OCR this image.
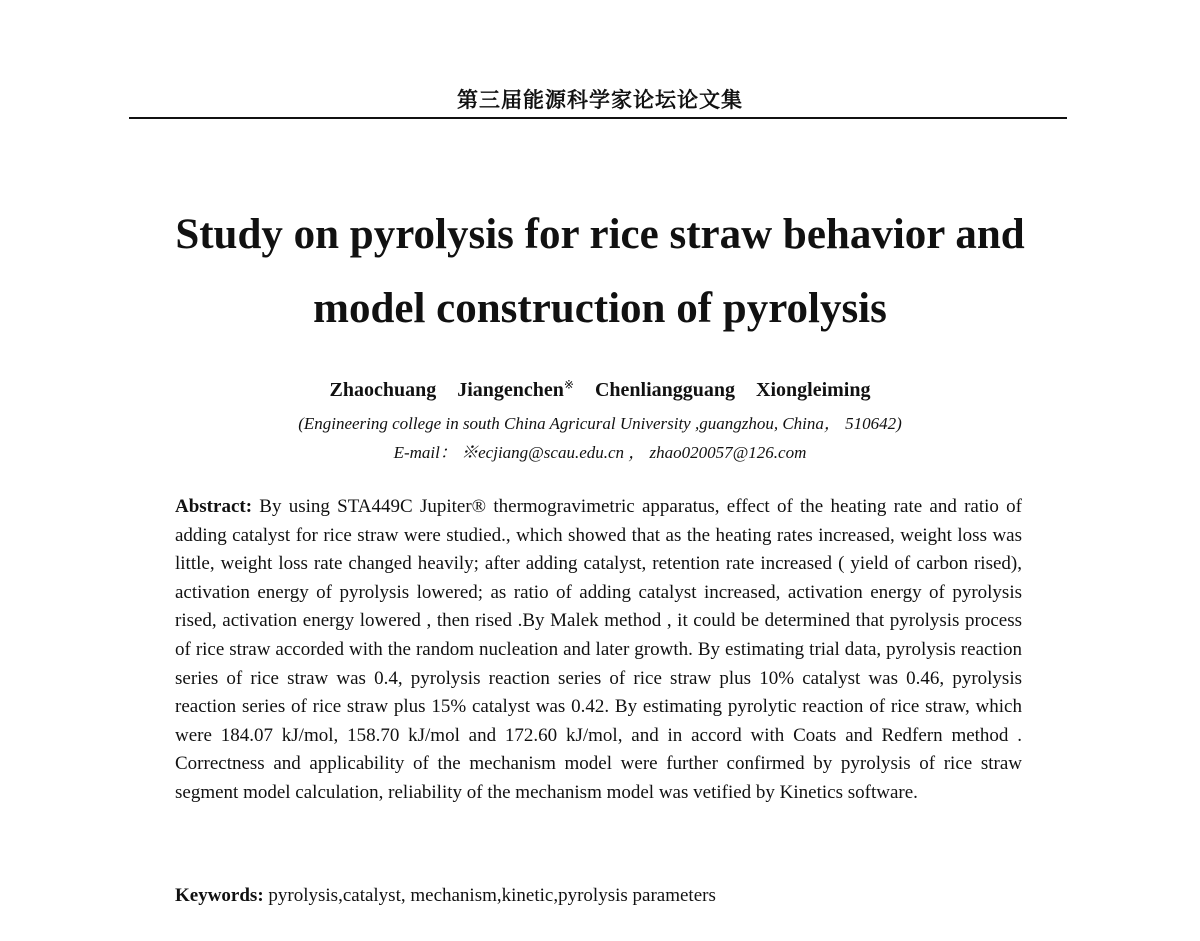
第三届能源科学家论坛论文集
Study on pyrolysis for rice straw behavior and
model construction of pyrolysis
Zhaochuang Jiangenchen※ Chenliangguang Xiongleiming
(Engineering college in south China Agricural University ,guangzhou, China， 510642)
E-mail： ※ecjiang@scau.edu.cn ， zhao020057@126.com
Abstract: By using STA449C Jupiter® thermogravimetric apparatus, effect of the heating rate and ratio of adding catalyst for rice straw were studied., which showed that as the heating rates increased, weight loss was little, weight loss rate changed heavily; after adding catalyst, retention rate increased ( yield of carbon rised), activation energy of pyrolysis lowered; as ratio of adding catalyst increased, activation energy of pyrolysis rised, activation energy lowered , then rised .By Malek method , it could be determined that pyrolysis process of rice straw accorded with the random nucleation and later growth. By estimating trial data, pyrolysis reaction series of rice straw was 0.4, pyrolysis reaction series of rice straw plus 10% catalyst was 0.46, pyrolysis reaction series of rice straw plus 15% catalyst was 0.42. By estimating pyrolytic reaction of rice straw, which were 184.07 kJ/mol, 158.70 kJ/mol and 172.60 kJ/mol, and in accord with Coats and Redfern method . Correctness and applicability of the mechanism model were further confirmed by pyrolysis of rice straw segment model calculation, reliability of the mechanism model was vetified by Kinetics software.
Keywords: pyrolysis,catalyst, mechanism,kinetic,pyrolysis parameters
